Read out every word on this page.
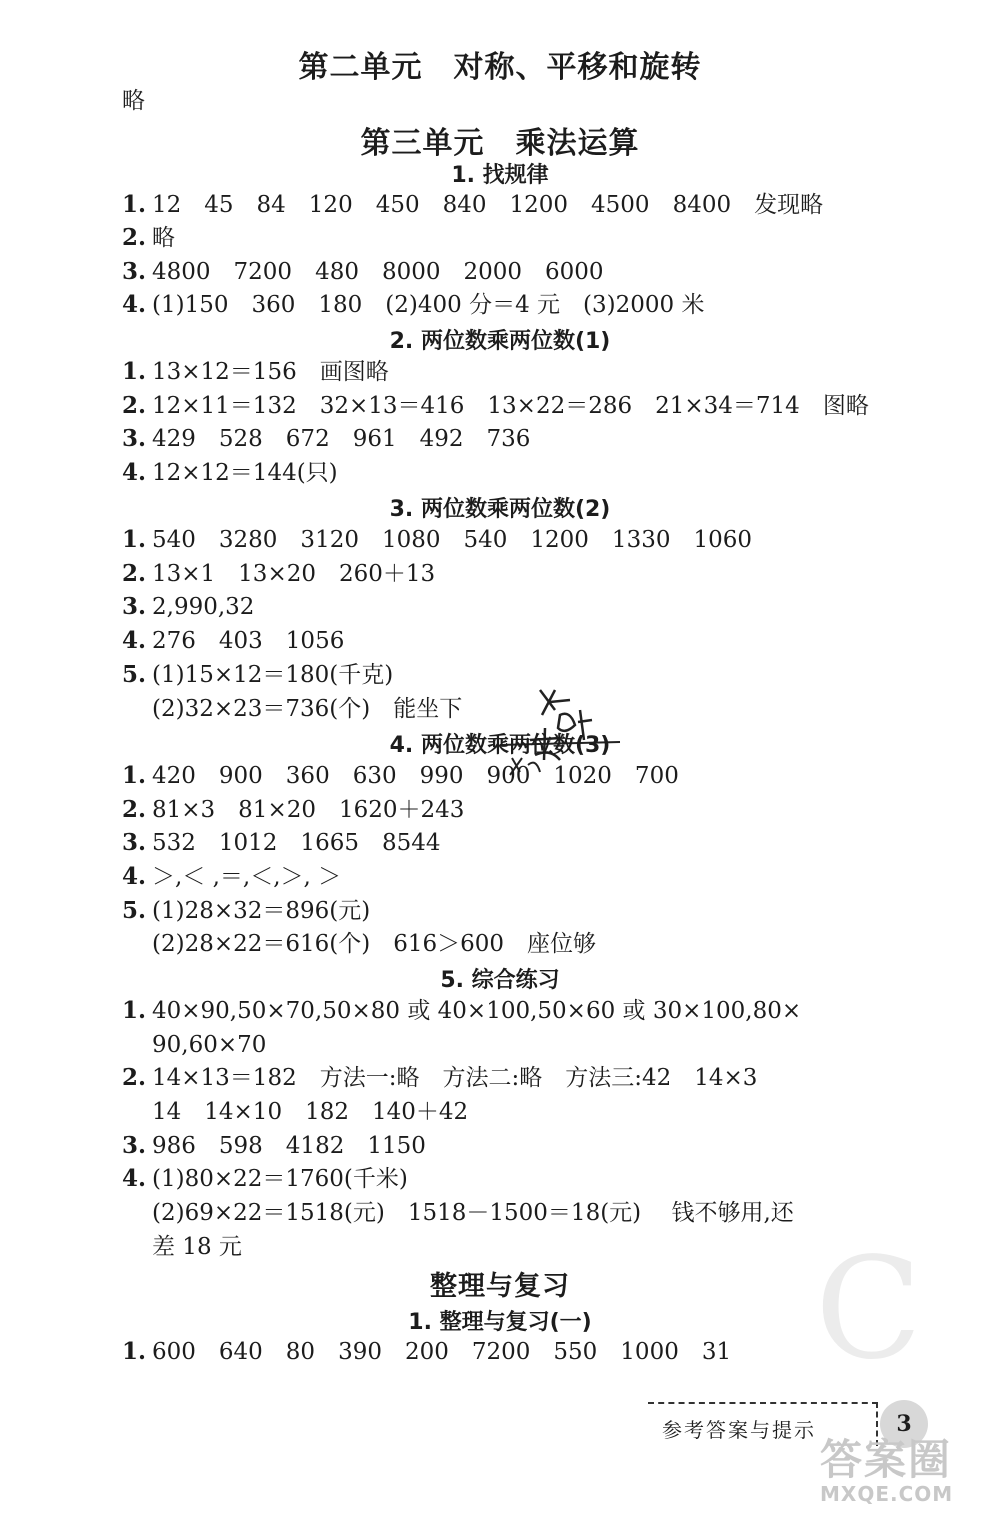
第二单元　对称、平移和旋转
略
第三单元　乘法运算
1. 找规律
1. 12　45　84　120　450　840　1200　4500　8400　发现略
2. 略
3. 4800　7200　480　8000　2000　6000
4. (1)150　360　180　(2)400 分＝4 元　(3)2000 米
2. 两位数乘两位数(1)
1. 13×12＝156　画图略
2. 12×11＝132　32×13＝416　13×22＝286　21×34＝714　图略
3. 429　528　672　961　492　736
4. 12×12＝144(只)
3. 两位数乘两位数(2)
1. 540　3280　3120　1080　540　1200　1330　1060
2. 13×1　13×20　260＋13
3. 2,990,32
4. 276　403　1056
5. (1)15×12＝180(千克)
(2)32×23＝736(个)　能坐下
4. 两位数乘两位数(3)
1. 420　900　360　630　990　900　1020　700
2. 81×3　81×20　1620＋243
3. 532　1012　1665　8544
4. ＞,＜ ,＝,＜,＞, ＞
5. (1)28×32＝896(元)
(2)28×22＝616(个)　616＞600　座位够
5. 综合练习
1. 40×90,50×70,50×80 或 40×100,50×60 或 30×100,80×
90,60×70
2. 14×13＝182　方法一:略　方法二:略　方法三:42　14×3
14　14×10　182　140＋42
3. 986　598　4182　1150
4. (1)80×22＝1760(千米)
(2)69×22＝1518(元)　1518－1500＝18(元)　 钱不够用,还
差 18 元
整理与复习
1. 整理与复习(一)
1. 600　640　80　390　200　7200　550　1000　31 C
参考答案与提示	3
答案圈
MXQE.COM
